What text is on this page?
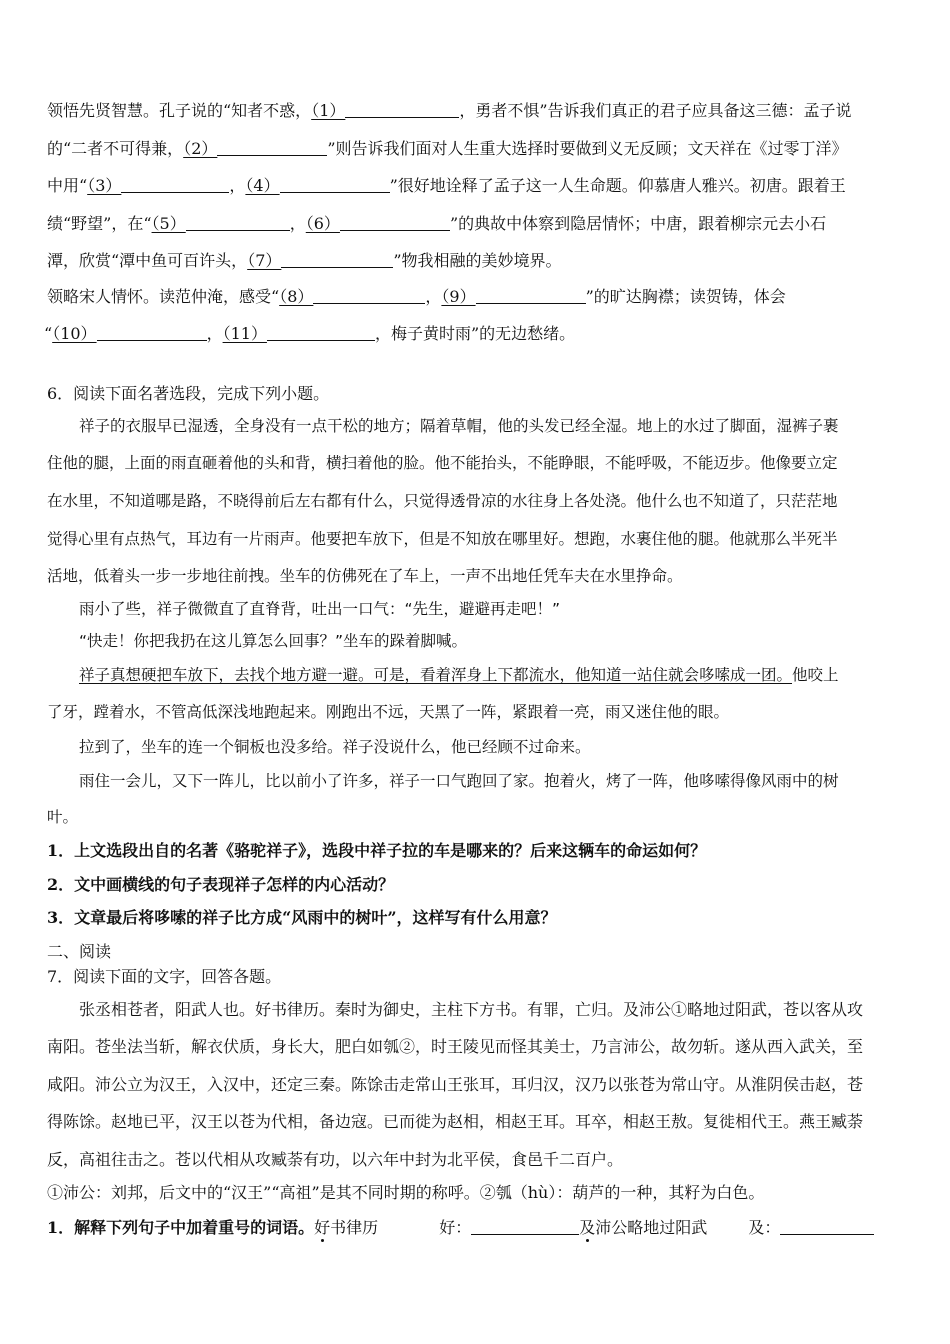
领悟先贤智慧。孔子说的“知者不惑，（1）	，勇者不惧”告诉我们真正的君子应具备这三德：孟子说
的“二者不可得兼，（2）	”则告诉我们面对人生重大选择时要做到义无反顾；文天祥在《过零丁洋》
中用“（3）	，（4）	”很好地诠释了孟子这一人生命题。仰慕唐人雅兴。初唐。跟着王
绩“野望”，在“（5）	，（6）	”的典故中体察到隐居情怀；中唐，跟着柳宗元去小石
潭，欣赏“潭中鱼可百许头，（7）	”物我相融的美妙境界。
领略宋人情怀。读范仲淹，感受“（8）	，（9）	”的旷达胸襟；读贺铸，体会
“（10）	，（11）	，梅子黄时雨”的无边愁绪。
6．阅读下面名著选段，完成下列小题。
祥子的衣服早已湿透，全身没有一点干松的地方；隔着草帽，他的头发已经全湿。地上的水过了脚面，湿裤子裹
住他的腿，上面的雨直砸着他的头和背，横扫着他的脸。他不能抬头，不能睁眼，不能呼吸，不能迈步。他像要立定
在水里，不知道哪是路，不晓得前后左右都有什么，只觉得透骨凉的水往身上各处浇。他什么也不知道了，只茫茫地
觉得心里有点热气，耳边有一片雨声。他要把车放下，但是不知放在哪里好。想跑，水裹住他的腿。他就那么半死半
活地，低着头一步一步地往前拽。坐车的仿佛死在了车上，一声不出地任凭车夫在水里挣命。
雨小了些，祥子微微直了直脊背，吐出一口气：“先生，避避再走吧！”
“快走！你把我扔在这儿算怎么回事？”坐车的跺着脚喊。
祥子真想硬把车放下，去找个地方避一避。可是，看着浑身上下都流水，他知道一站住就会哆嗦成一团。他咬上
了牙，蹚着水，不管高低深浅地跑起来。刚跑出不远，天黑了一阵，紧跟着一亮，雨又迷住他的眼。
拉到了，坐车的连一个铜板也没多给。祥子没说什么，他已经顾不过命来。
雨住一会儿，又下一阵儿，比以前小了许多，祥子一口气跑回了家。抱着火，烤了一阵，他哆嗦得像风雨中的树
叶。
1．上文选段出自的名著《骆驼祥子》，选段中祥子拉的车是哪来的？后来这辆车的命运如何？
2．文中画横线的句子表现祥子怎样的内心活动？
3．文章最后将哆嗦的祥子比方成“风雨中的树叶”，这样写有什么用意？
二、阅读
7．阅读下面的文字，回答各题。
张丞相苍者，阳武人也。好书律历。秦时为御史，主柱下方书。有罪，亡归。及沛公①略地过阳武，苍以客从攻
南阳。苍坐法当斩，解衣伏质，身长大，肥白如瓠②，时王陵见而怪其美士，乃言沛公，故勿斩。遂从西入武关，至
咸阳。沛公立为汉王，入汉中，还定三秦。陈馀击走常山王张耳，耳归汉，汉乃以张苍为常山守。从淮阴侯击赵，苍
得陈馀。赵地已平，汉王以苍为代相，备边寇。已而徙为赵相，相赵王耳。耳卒，相赵王敖。复徙相代王。燕王臧荼
反，高祖往击之。苍以代相从攻臧荼有功，以六年中封为北平侯，食邑千二百户。
①沛公：刘邦，后文中的“汉王”“高祖”是其不同时期的称呼。②瓠（hù）：葫芦的一种，其籽为白色。
1．解释下列句子中加着重号的词语。好书律历	好：	及沛公略地过阳武	及：
